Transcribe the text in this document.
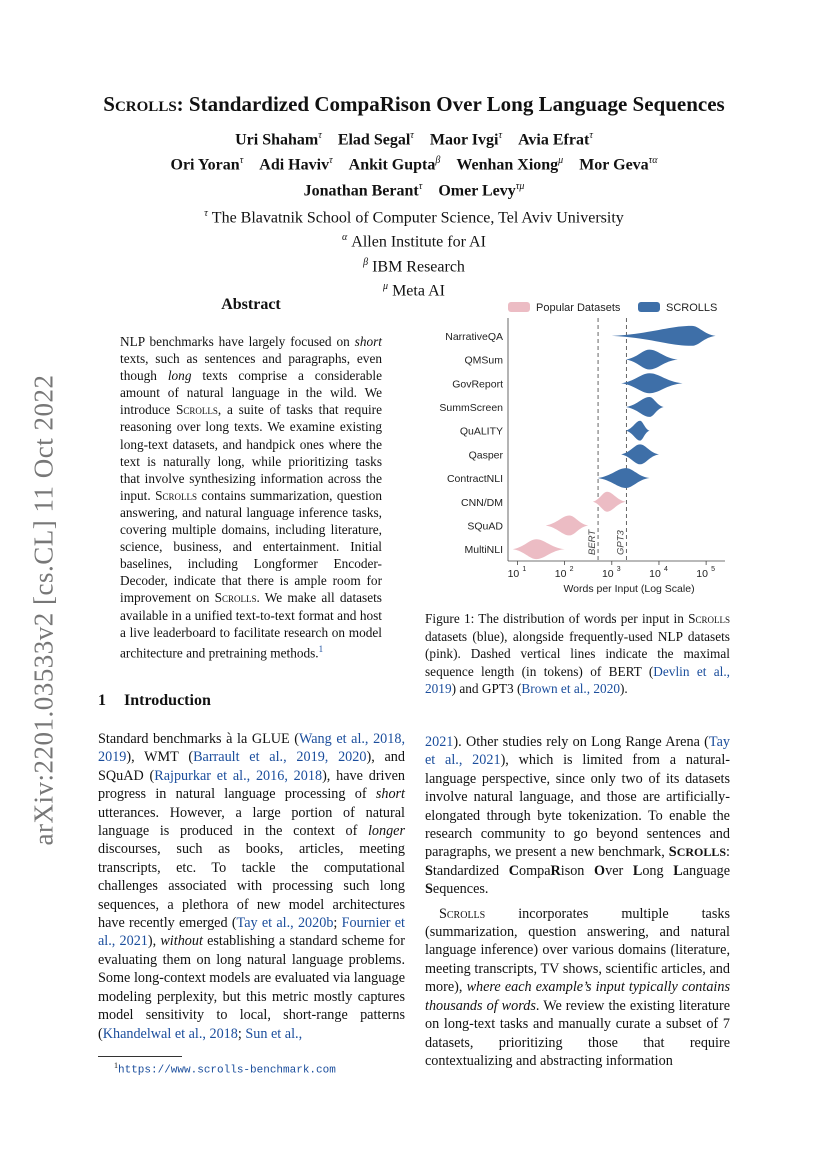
arXiv:2201.03533v2 [cs.CL] 11 Oct 2022
Scrolls: Standardized CompaRison Over Long Language Sequences
Uri Shaham$^\tau$ Elad Segal$^\tau$ Maor Ivgi$^\tau$ Avia Efrat$^\tau$
Ori Yoran$^\tau$ Adi Haviv$^\tau$ Ankit Gupta$^\beta$ Wenhan Xiong$^\mu$ Mor Geva$^{\tau\alpha}$
Jonathan Berant$^\tau$ Omer Levy$^{\tau\mu}$
$^\tau$ The Blavatnik School of Computer Science, Tel Aviv University
$^\alpha$ Allen Institute for AI
$^\beta$ IBM Research
$^\mu$ Meta AI
Abstract
NLP benchmarks have largely focused on short texts, such as sentences and paragraphs, even though long texts comprise a considerable amount of natural language in the wild. We introduce Scrolls, a suite of tasks that require reasoning over long texts. We examine existing long-text datasets, and handpick ones where the text is naturally long, while prioritizing tasks that involve synthesizing information across the input. Scrolls contains summarization, question answering, and natural language inference tasks, covering multiple domains, including literature, science, business, and entertainment. Initial baselines, including Longformer Encoder-Decoder, indicate that there is ample room for improvement on Scrolls. We make all datasets available in a unified text-to-text format and host a live leaderboard to facilitate research on model architecture and pretraining methods.$^1$
Popular Datasets	SCROLLS
10 1	10 2	10 3	10 4	10 5
BERT GPT3
NarrativeQA
QMSum
GovReport
SummScreen
QuALITY
Qasper
ContractNLI
CNN/DM
SQuAD
MultiNLI
Words per Input (Log Scale)
Figure 1: The distribution of words per input in Scrolls datasets (blue), alongside frequently-used NLP datasets (pink). Dashed vertical lines indicate the maximal sequence length (in tokens) of BERT (Devlin et al., 2019) and GPT3 (Brown et al., 2020).
1 Introduction
Standard benchmarks à la GLUE (Wang et al., 2018, 2019), WMT (Barrault et al., 2019, 2020), and SQuAD (Rajpurkar et al., 2016, 2018), have driven progress in natural language processing of short utterances. However, a large portion of natural language is produced in the context of longer discourses, such as books, articles, meeting transcripts, etc. To tackle the computational challenges associated with processing such long sequences, a plethora of new model architectures have recently emerged (Tay et al., 2020b; Fournier et al., 2021), without establishing a standard scheme for evaluating them on long natural language problems. Some long-context models are evaluated via language modeling perplexity, but this metric mostly captures model sensitivity to local, short-range patterns (Khandelwal et al., 2018; Sun et al.,

2021). Other studies rely on Long Range Arena (Tay et al., 2021), which is limited from a natural-language perspective, since only two of its datasets involve natural language, and those are artificially-elongated through byte tokenization. To enable the research community to go beyond sentences and paragraphs, we present a new benchmark, SCROLLS: Standardized CompaRison Over Long Language Sequences.

Scrolls incorporates multiple tasks (summarization, question answering, and natural language inference) over various domains (literature, meeting transcripts, TV shows, scientific articles, and more), where each example’s input typically contains thousands of words. We review the existing literature on long-text tasks and manually curate a subset of 7 datasets, prioritizing those that require contextualizing and abstracting information

$^1$https://www.scrolls-benchmark.com
